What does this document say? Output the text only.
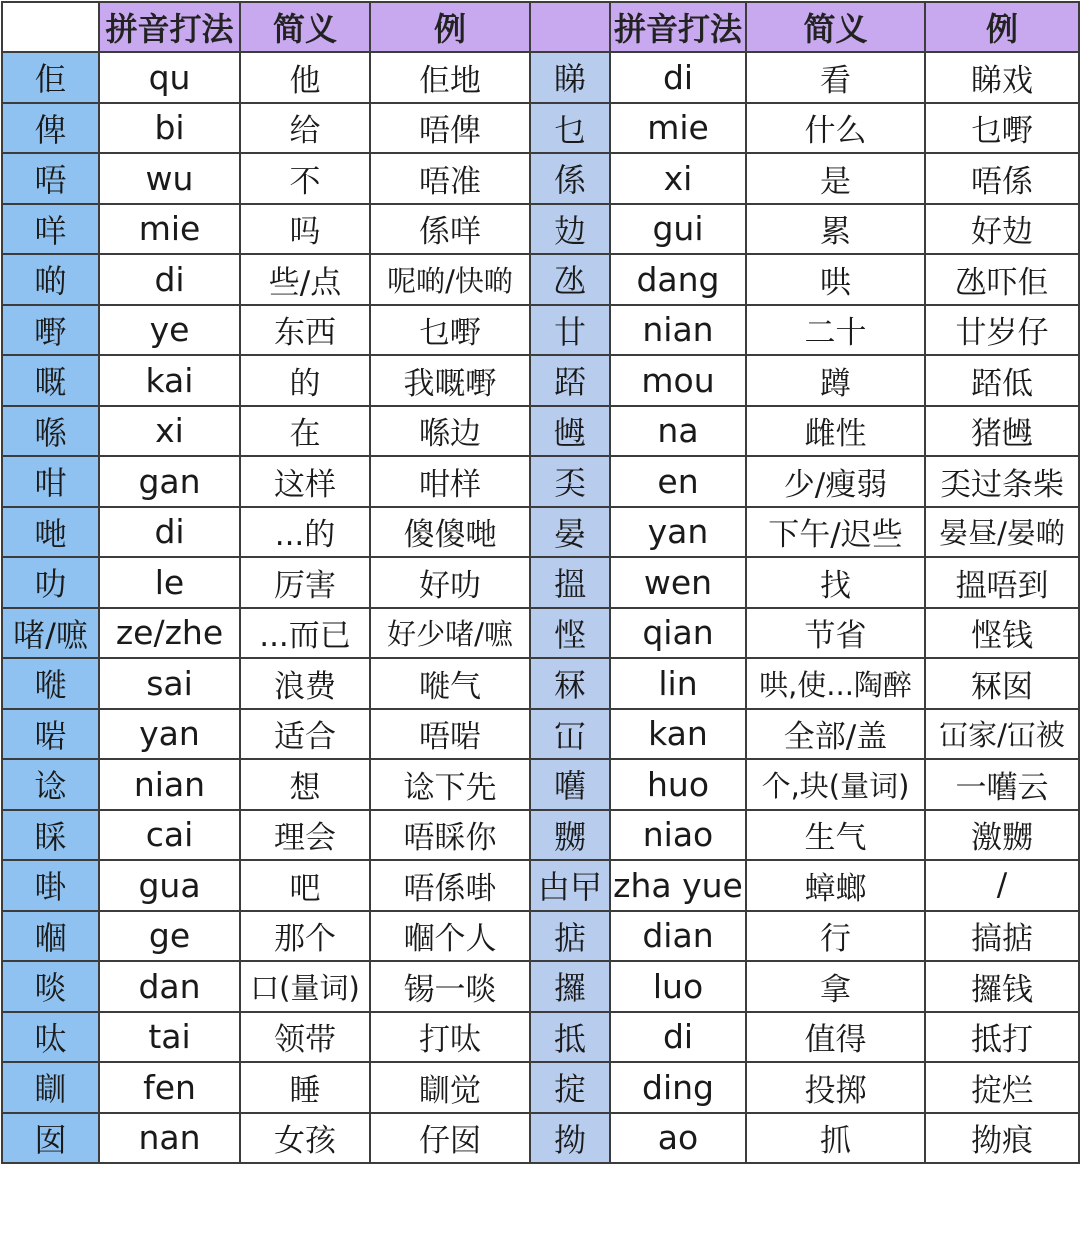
	拼音打法	简义	例		拼音打法	简义	例
佢	qu	他	佢地	睇	di	看	睇戏
俾	bi	给	唔俾	乜	mie	什么	乜嘢
唔	wu	不	唔准	係	xi	是	唔係
咩	mie	吗	係咩	攰	gui	累	好攰
啲	di	些/点	呢啲/快啲	氹	dang	哄	氹吓佢
嘢	ye	东西	乜嘢	廿	nian	二十	廿岁仔
嘅	kai	的	我嘅嘢	踎	mou	蹲	踎低
喺	xi	在	喺边	乸	na	雌性	猪乸
咁	gan	这样	咁样	奀	en	少/瘦弱	奀过条柴
哋	di	...的	傻傻哋	晏	yan	下午/迟些	晏昼/晏啲
叻	le	厉害	好叻	搵	wen	找	搵唔到
啫/嗻	ze/zhe	...而已	好少啫/嗻	悭	qian	节省	悭钱
嘥	sai	浪费	嘥气	冧	lin	哄,使...陶醉	冧囡
啱	yan	适合	唔啱	冚	kan	全部/盖	冚家/冚被
谂	nian	想	谂下先	嚿	huo	个,块(量词)	一嚿云
睬	cai	理会	唔睬你	嬲	niao	生气	激嬲
啩	gua	吧	唔係啩	甴曱	zha yue	蟑螂	/
嗰	ge	那个	嗰个人	掂	dian	行	搞掂
啖	dan	口(量词)	锡一啖	攞	luo	拿	攞钱
呔	tai	领带	打呔	抵	di	值得	抵打
瞓	fen	睡	瞓觉	掟	ding	投掷	掟烂
囡	nan	女孩	仔囡	拗	ao	抓	拗痕
